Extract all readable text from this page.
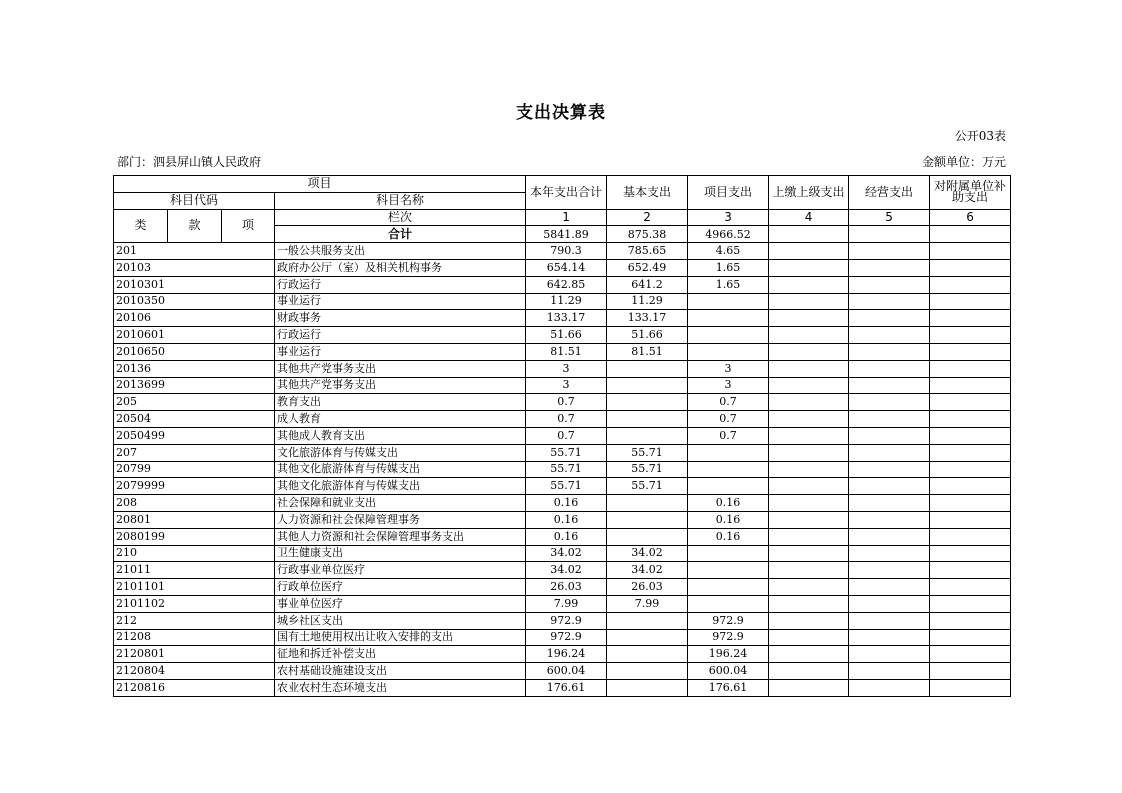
支出决算表
公开03表
部门：泗县屏山镇人民政府	金额单位：万元
项目				本年支出合计	基本支出	项目支出	上缴上级支出	经营支出	对附属单位补助支出
科目代码			科目名称						
类	款	项	栏次	1	2	3	4	5	6
			合计	5841.89	875.38	4966.52			
201			一般公共服务支出	790.3	785.65	4.65			
20103			政府办公厅（室）及相关机构事务	654.14	652.49	1.65			
2010301			行政运行	642.85	641.2	1.65			
2010350			事业运行	11.29	11.29				
20106			财政事务	133.17	133.17				
2010601			行政运行	51.66	51.66				
2010650			事业运行	81.51	81.51				
20136			其他共产党事务支出	3		3			
2013699			其他共产党事务支出	3		3			
205			教育支出	0.7		0.7			
20504			成人教育	0.7		0.7			
2050499			其他成人教育支出	0.7		0.7			
207			文化旅游体育与传媒支出	55.71	55.71				
20799			其他文化旅游体育与传媒支出	55.71	55.71				
2079999			其他文化旅游体育与传媒支出	55.71	55.71				
208			社会保障和就业支出	0.16		0.16			
20801			人力资源和社会保障管理事务	0.16		0.16			
2080199			其他人力资源和社会保障管理事务支出	0.16		0.16			
210			卫生健康支出	34.02	34.02				
21011			行政事业单位医疗	34.02	34.02				
2101101			行政单位医疗	26.03	26.03				
2101102			事业单位医疗	7.99	7.99				
212			城乡社区支出	972.9		972.9			
21208			国有土地使用权出让收入安排的支出	972.9		972.9			
2120801			征地和拆迁补偿支出	196.24		196.24			
2120804			农村基础设施建设支出	600.04		600.04			
2120816			农业农村生态环境支出	176.61		176.61			
